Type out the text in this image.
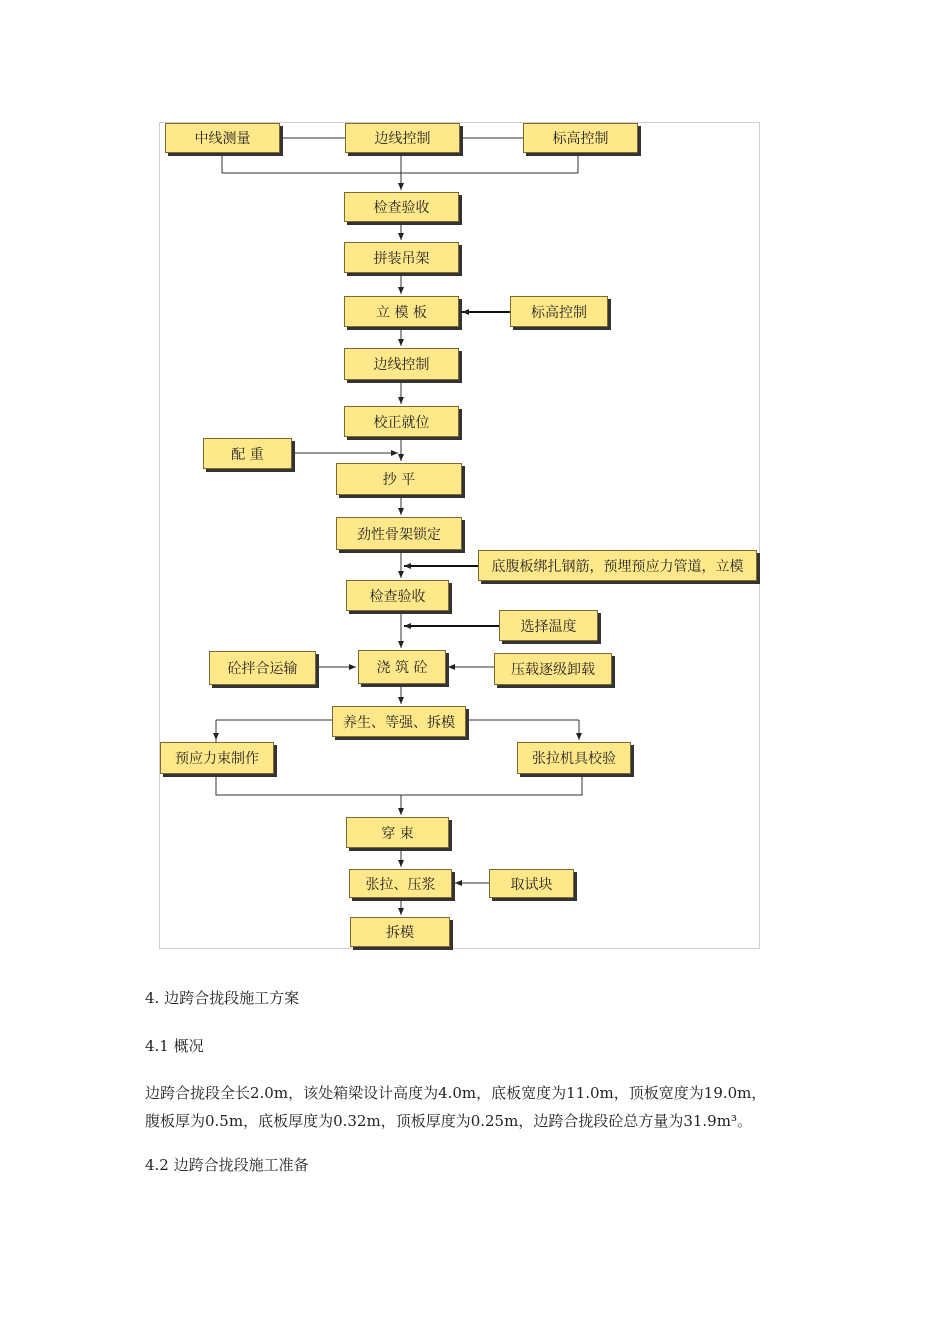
中线测量	边线控制	标高控制
检查验收
拼装吊架
立 模 板	标高控制
边线控制
校正就位
配 重
抄 平
劲性骨架锁定
底腹板绑扎钢筋，预埋预应力管道，立模
检查验收
选择温度
砼拌合运输	浇 筑 砼	压载逐级卸载
养生、等强、拆模
预应力束制作	张拉机具校验
穿 束
张拉、压浆	取试块
拆模
4. 边跨合拢段施工方案
4.1 概况

边跨合拢段全长2.0m，该处箱梁设计高度为4.0m，底板宽度为11.0m，顶板宽度为19.0m，

腹板厚为0.5m，底板厚度为0.32m，顶板厚度为0.25m，边跨合拢段砼总方量为31.9m³。

4.2 边跨合拢段施工准备
